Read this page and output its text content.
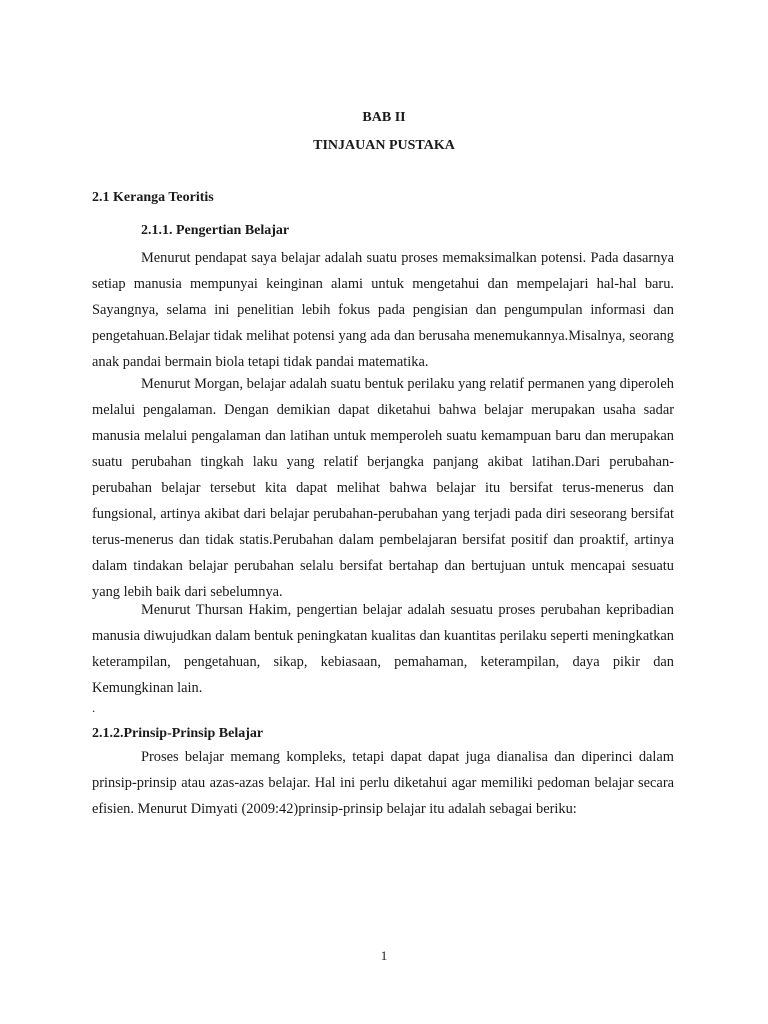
BAB II
TINJAUAN PUSTAKA
2.1 Keranga Teoritis
2.1.1. Pengertian Belajar
Menurut pendapat saya belajar adalah suatu proses memaksimalkan potensi. Pada dasarnya setiap manusia mempunyai keinginan alami untuk mengetahui dan mempelajari hal-hal baru. Sayangnya, selama ini penelitian lebih fokus pada pengisian dan pengumpulan informasi dan pengetahuan.Belajar tidak melihat potensi yang ada dan berusaha menemukannya.Misalnya, seorang anak pandai bermain biola tetapi tidak pandai matematika.
Menurut Morgan, belajar adalah suatu bentuk perilaku yang relatif permanen yang diperoleh melalui pengalaman. Dengan demikian dapat diketahui bahwa belajar merupakan usaha sadar manusia melalui pengalaman dan latihan untuk memperoleh suatu kemampuan baru dan merupakan suatu perubahan tingkah laku yang relatif berjangka panjang akibat latihan.Dari perubahan-perubahan belajar tersebut kita dapat melihat bahwa belajar itu bersifat terus-menerus dan fungsional, artinya akibat dari belajar perubahan-perubahan yang terjadi pada diri seseorang bersifat terus-menerus dan tidak statis.Perubahan dalam pembelajaran bersifat positif dan proaktif, artinya dalam tindakan belajar perubahan selalu bersifat bertahap dan bertujuan untuk mencapai sesuatu yang lebih baik dari sebelumnya.
Menurut Thursan Hakim, pengertian belajar adalah sesuatu proses perubahan kepribadian manusia diwujudkan dalam bentuk peningkatan kualitas dan kuantitas perilaku seperti meningkatkan keterampilan, pengetahuan, sikap, kebiasaan, pemahaman, keterampilan, daya pikir dan Kemungkinan lain.
.
2.1.2.Prinsip-Prinsip Belajar
Proses belajar memang kompleks, tetapi dapat dapat juga dianalisa dan diperinci dalam prinsip-prinsip atau azas-azas belajar. Hal ini perlu diketahui agar memiliki pedoman belajar secara efisien. Menurut Dimyati (2009:42)prinsip-prinsip belajar itu adalah sebagai beriku:
1
